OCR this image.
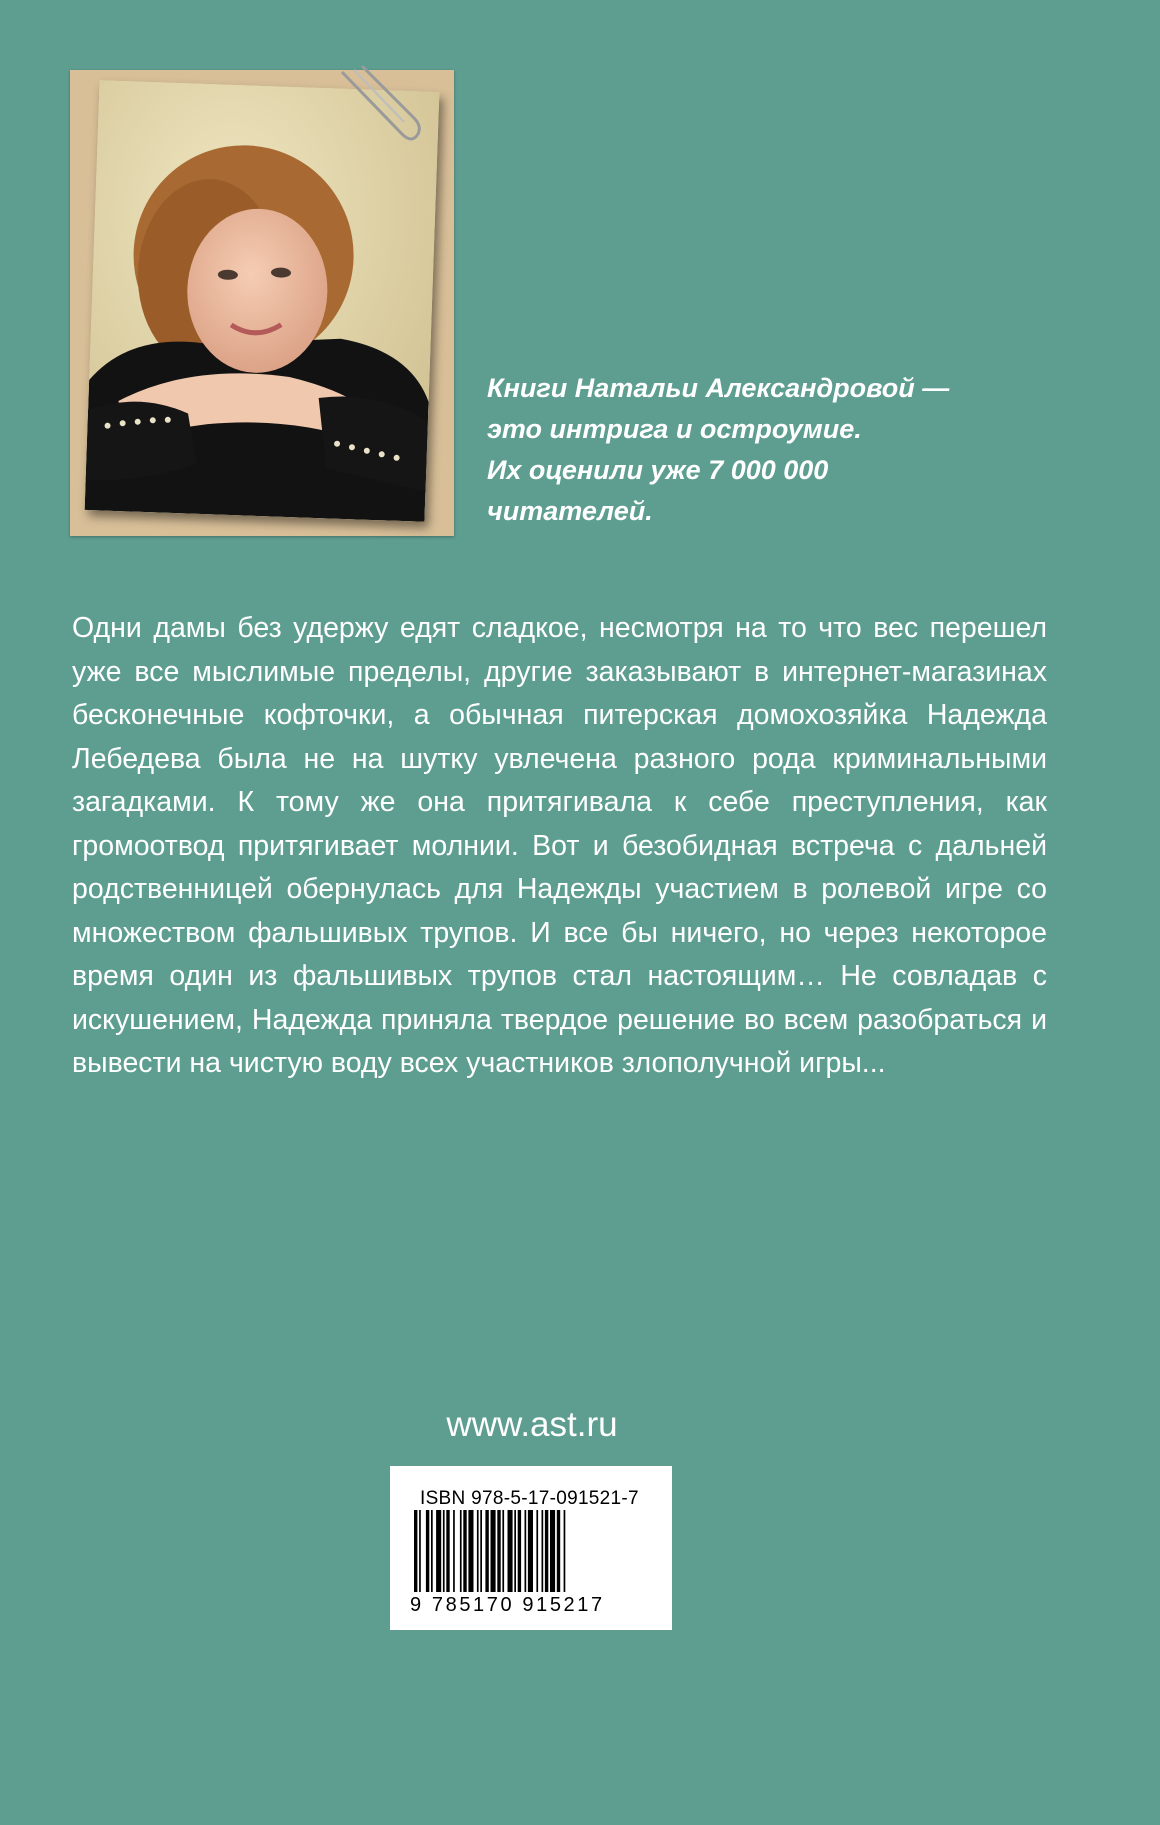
Книги Натальи Александровой —
это интрига и остроумие.
Их оценили уже 7 000 000
читателей.
Одни дамы без удержу едят сладкое, несмотря на то что вес перешел уже все мыслимые пределы, другие заказывают в интернет-магазинах бесконечные кофточки, а обычная питерская домохозяйка Надежда Лебедева была не на шутку увлечена разного рода криминальными загадками. К тому же она притягивала к себе преступления, как громоотвод притягивает молнии. Вот и безобидная встреча с дальней родственницей обернулась для Надежды участием в ролевой игре со множеством фальшивых трупов. И все бы ничего, но через некоторое время один из фальшивых трупов стал настоящим… Не совладав с искушением, Надежда приняла твердое решение во всем разобраться и вывести на чистую воду всех участников злополучной игры...
www.ast.ru
ISBN 978-5-17-091521-7
9 785170 915217
